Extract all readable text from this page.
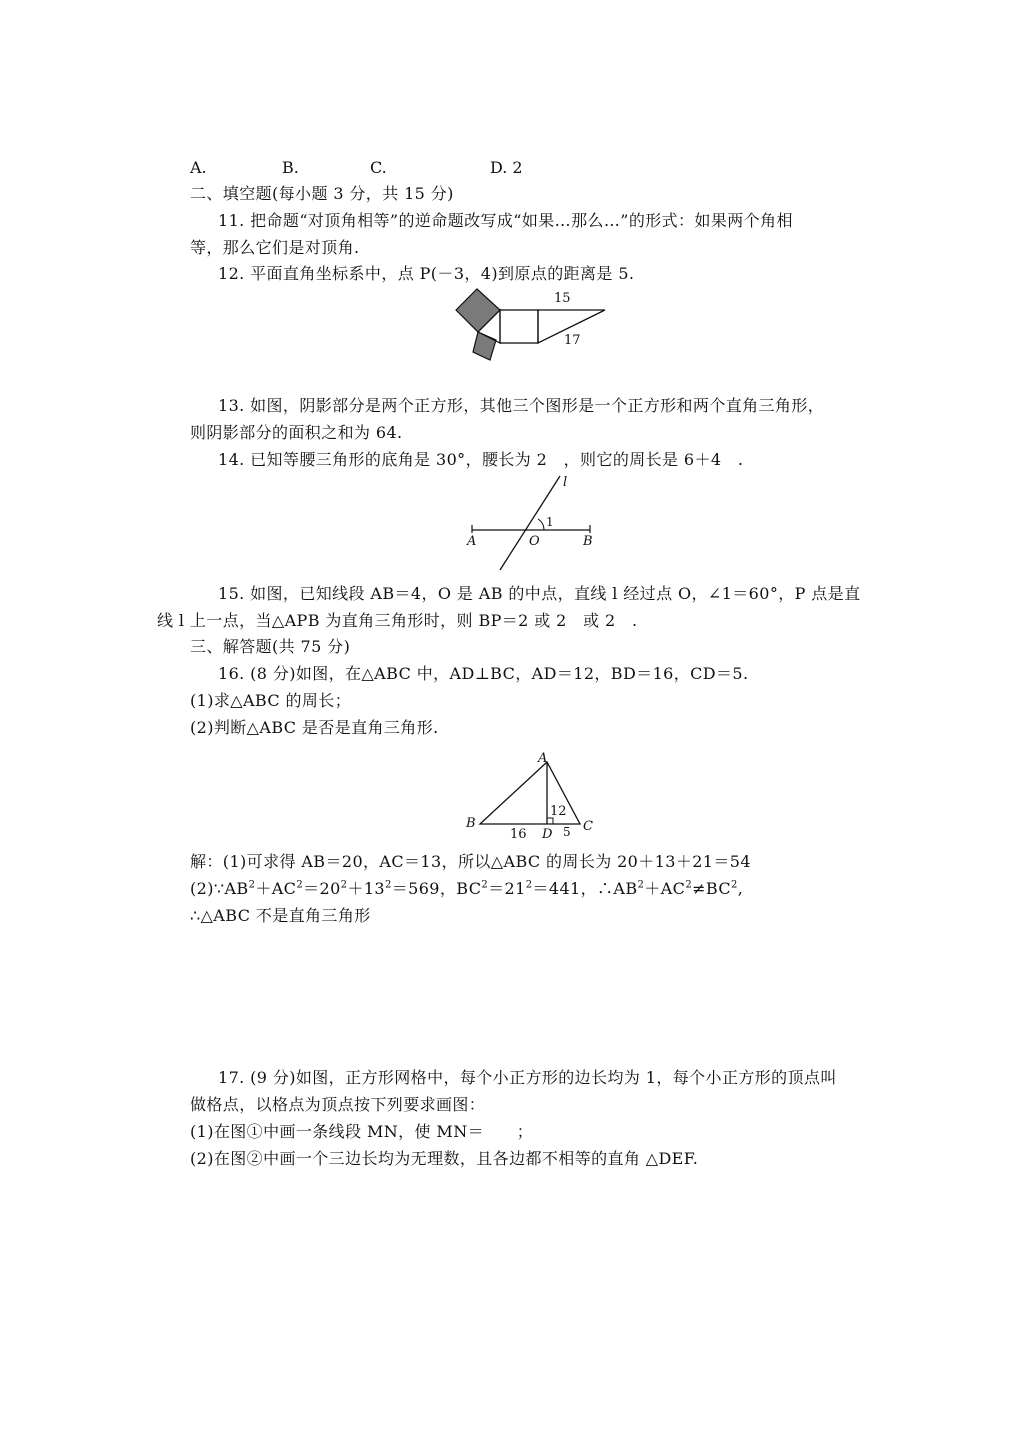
A.	B.	C.	D. 2
二、填空题(每小题 3 分，共 15 分)
11. 把命题“对顶角相等”的逆命题改写成“如果…那么…”的形式：如果两个角相
等，那么它们是对顶角.
12. 平面直角坐标系中，点 P(－3，4)到原点的距离是 5.
15
17
13. 如图，阴影部分是两个正方形，其他三个图形是一个正方形和两个直角三角形，
则阴影部分的面积之和为 64.
14. 已知等腰三角形的底角是 30°，腰长为 2　，则它的周长是 6＋4　.
l
1
A	O	B
15. 如图，已知线段 AB＝4，O 是 AB 的中点，直线 l 经过点 O，∠1＝60°，P 点是直
线 l 上一点，当△APB 为直角三角形时，则 BP＝2 或 2　或 2　.
三、解答题(共 75 分)
16. (8 分)如图，在△ABC 中，AD⊥BC，AD＝12，BD＝16，CD＝5.
(1)求△ABC 的周长；
(2)判断△ABC 是否是直角三角形.
A
B	C
D
12
16	5
解：(1)可求得 AB＝20，AC＝13，所以△ABC 的周长为 20＋13＋21＝54
$(2)\because AB^2+AC^2=20^2+13^2=569$，$BC^2=21^2=441$，$\therefore AB^2+AC^2\ne BC^2$,
∴△ABC 不是直角三角形
17. (9 分)如图，正方形网格中，每个小正方形的边长均为 1，每个小正方形的顶点叫
做格点，以格点为顶点按下列要求画图：
(1)在图①中画一条线段 MN，使 MN＝　　；
(2)在图②中画一个三边长均为无理数，且各边都不相等的直角 △DEF.
